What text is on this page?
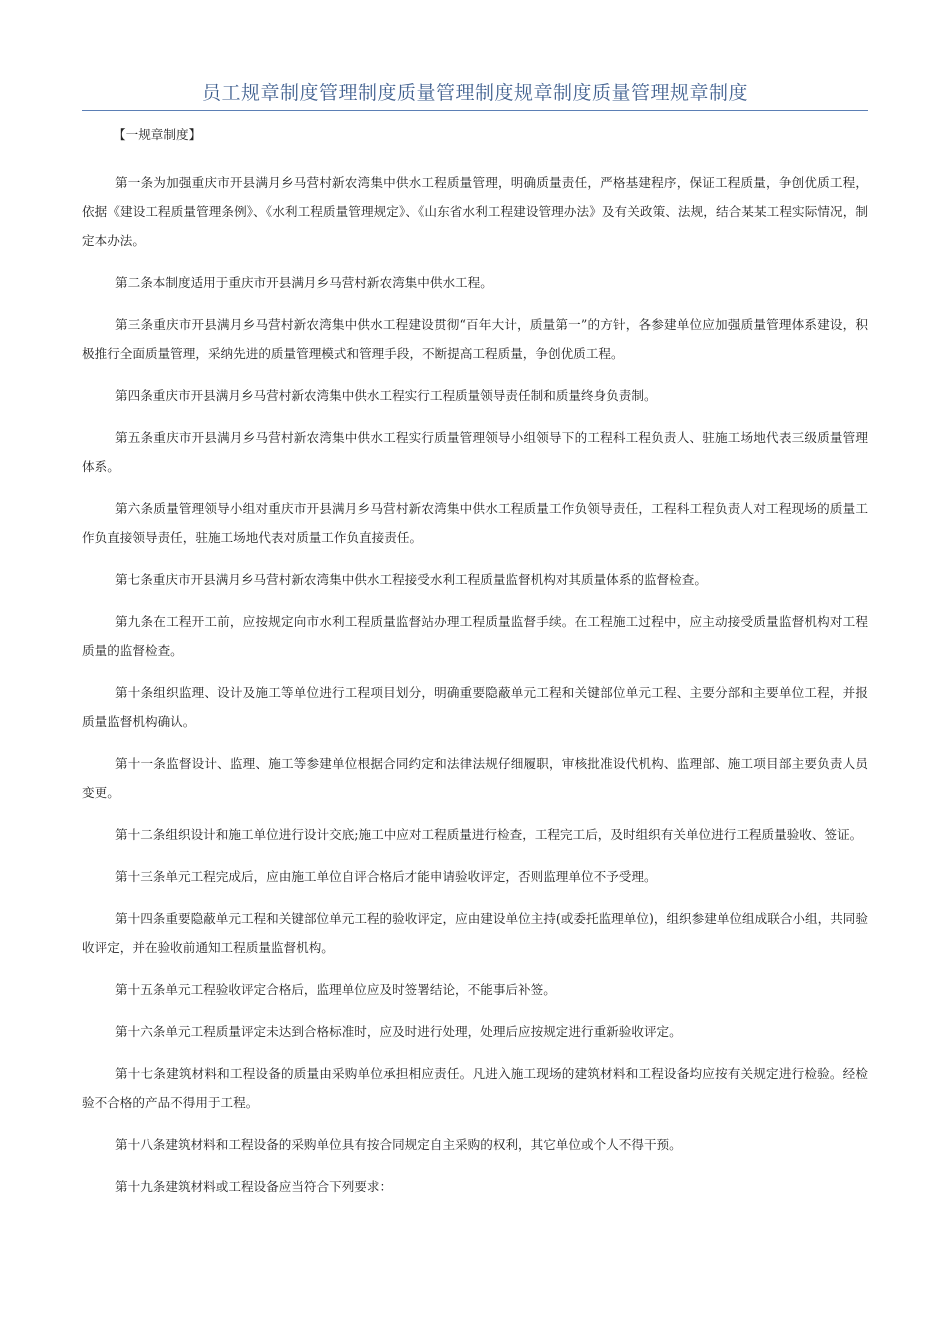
员工规章制度管理制度质量管理制度规章制度质量管理规章制度

【一规章制度】

第一条为加强重庆市开县满月乡马营村新农湾集中供水工程质量管理，明确质量责任，严格基建程序，保证工程质量，争创优质工程，依据《建设工程质量管理条例》、《水利工程质量管理规定》、《山东省水利工程建设管理办法》及有关政策、法规，结合某某工程实际情况，制定本办法。

第二条本制度适用于重庆市开县满月乡马营村新农湾集中供水工程。

第三条重庆市开县满月乡马营村新农湾集中供水工程建设贯彻“百年大计，质量第一”的方针，各参建单位应加强质量管理体系建设，积极推行全面质量管理，采纳先进的质量管理模式和管理手段，不断提高工程质量，争创优质工程。

第四条重庆市开县满月乡马营村新农湾集中供水工程实行工程质量领导责任制和质量终身负责制。

第五条重庆市开县满月乡马营村新农湾集中供水工程实行质量管理领导小组领导下的工程科工程负责人、驻施工场地代表三级质量管理体系。

第六条质量管理领导小组对重庆市开县满月乡马营村新农湾集中供水工程质量工作负领导责任，工程科工程负责人对工程现场的质量工作负直接领导责任，驻施工场地代表对质量工作负直接责任。

第七条重庆市开县满月乡马营村新农湾集中供水工程接受水利工程质量监督机构对其质量体系的监督检查。

第九条在工程开工前，应按规定向市水利工程质量监督站办理工程质量监督手续。在工程施工过程中，应主动接受质量监督机构对工程质量的监督检查。

第十条组织监理、设计及施工等单位进行工程项目划分，明确重要隐蔽单元工程和关键部位单元工程、主要分部和主要单位工程，并报质量监督机构确认。

第十一条监督设计、监理、施工等参建单位根据合同约定和法律法规仔细履职，审核批准设代机构、监理部、施工项目部主要负责人员变更。

第十二条组织设计和施工单位进行设计交底;施工中应对工程质量进行检查，工程完工后，及时组织有关单位进行工程质量验收、签证。

第十三条单元工程完成后，应由施工单位自评合格后才能申请验收评定，否则监理单位不予受理。

第十四条重要隐蔽单元工程和关键部位单元工程的验收评定，应由建设单位主持(或委托监理单位)，组织参建单位组成联合小组，共同验收评定，并在验收前通知工程质量监督机构。

第十五条单元工程验收评定合格后，监理单位应及时签署结论，不能事后补签。

第十六条单元工程质量评定未达到合格标准时，应及时进行处理，处理后应按规定进行重新验收评定。

第十七条建筑材料和工程设备的质量由采购单位承担相应责任。凡进入施工现场的建筑材料和工程设备均应按有关规定进行检验。经检验不合格的产品不得用于工程。

第十八条建筑材料和工程设备的采购单位具有按合同规定自主采购的权利，其它单位或个人不得干预。

第十九条建筑材料或工程设备应当符合下列要求：
